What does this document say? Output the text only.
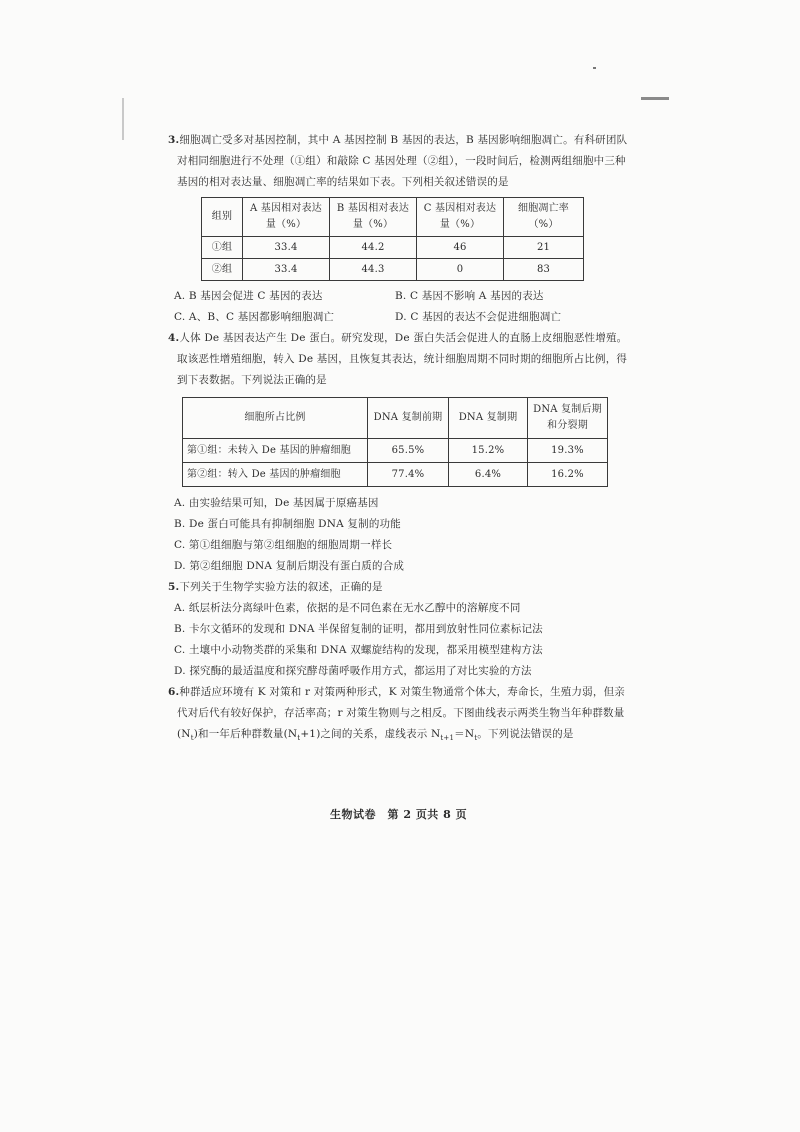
3.细胞凋亡受多对基因控制，其中 A 基因控制 B 基因的表达，B 基因影响细胞凋亡。有科研团队对相同细胞进行不处理（①组）和敲除 C 基因处理（②组），一段时间后，检测两组细胞中三种基因的相对表达量、细胞凋亡率的结果如下表。下列相关叙述错误的是

组别	A 基因相对表达量（%）	B 基因相对表达量（%）	C 基因相对表达量（%）	细胞凋亡率（%）
①组	33.4	44.2	46	21
②组	33.4	44.3	0	83
A. B 基因会促进 C 基因的表达	B. C 基因不影响 A 基因的表达
C. A、B、C 基因都影响细胞凋亡	D. C 基因的表达不会促进细胞凋亡

4.人体 De 基因表达产生 De 蛋白。研究发现，De 蛋白失活会促进人的直肠上皮细胞恶性增殖。取该恶性增殖细胞，转入 De 基因，且恢复其表达，统计细胞周期不同时期的细胞所占比例，得到下表数据。下列说法正确的是

细胞所占比例	DNA 复制前期	DNA 复制期	DNA 复制后期和分裂期
第①组：未转入 De 基因的肿瘤细胞	65.5%	15.2%	19.3%
第②组：转入 De 基因的肿瘤细胞	77.4%	6.4%	16.2%

A. 由实验结果可知，De 基因属于原癌基因

B. De 蛋白可能具有抑制细胞 DNA 复制的功能

C. 第①组细胞与第②组细胞的细胞周期一样长

D. 第②组细胞 DNA 复制后期没有蛋白质的合成

5.下列关于生物学实验方法的叙述，正确的是

A. 纸层析法分离绿叶色素，依据的是不同色素在无水乙醇中的溶解度不同

B. 卡尔文循环的发现和 DNA 半保留复制的证明，都用到放射性同位素标记法

C. 土壤中小动物类群的采集和 DNA 双螺旋结构的发现，都采用模型建构方法

D. 探究酶的最适温度和探究酵母菌呼吸作用方式，都运用了对比实验的方法

6.种群适应环境有 K 对策和 r 对策两种形式，K 对策生物通常个体大，寿命长，生殖力弱，但亲代对后代有较好保护，存活率高；r 对策生物则与之相反。下图曲线表示两类生物当年种群数量$(N_t)$和一年后种群数量$(N_t+1)$之间的关系，虚线表示 $N_{t+1}=N_t$。下列说法错误的是

生物试卷　第 2 页共 8 页
